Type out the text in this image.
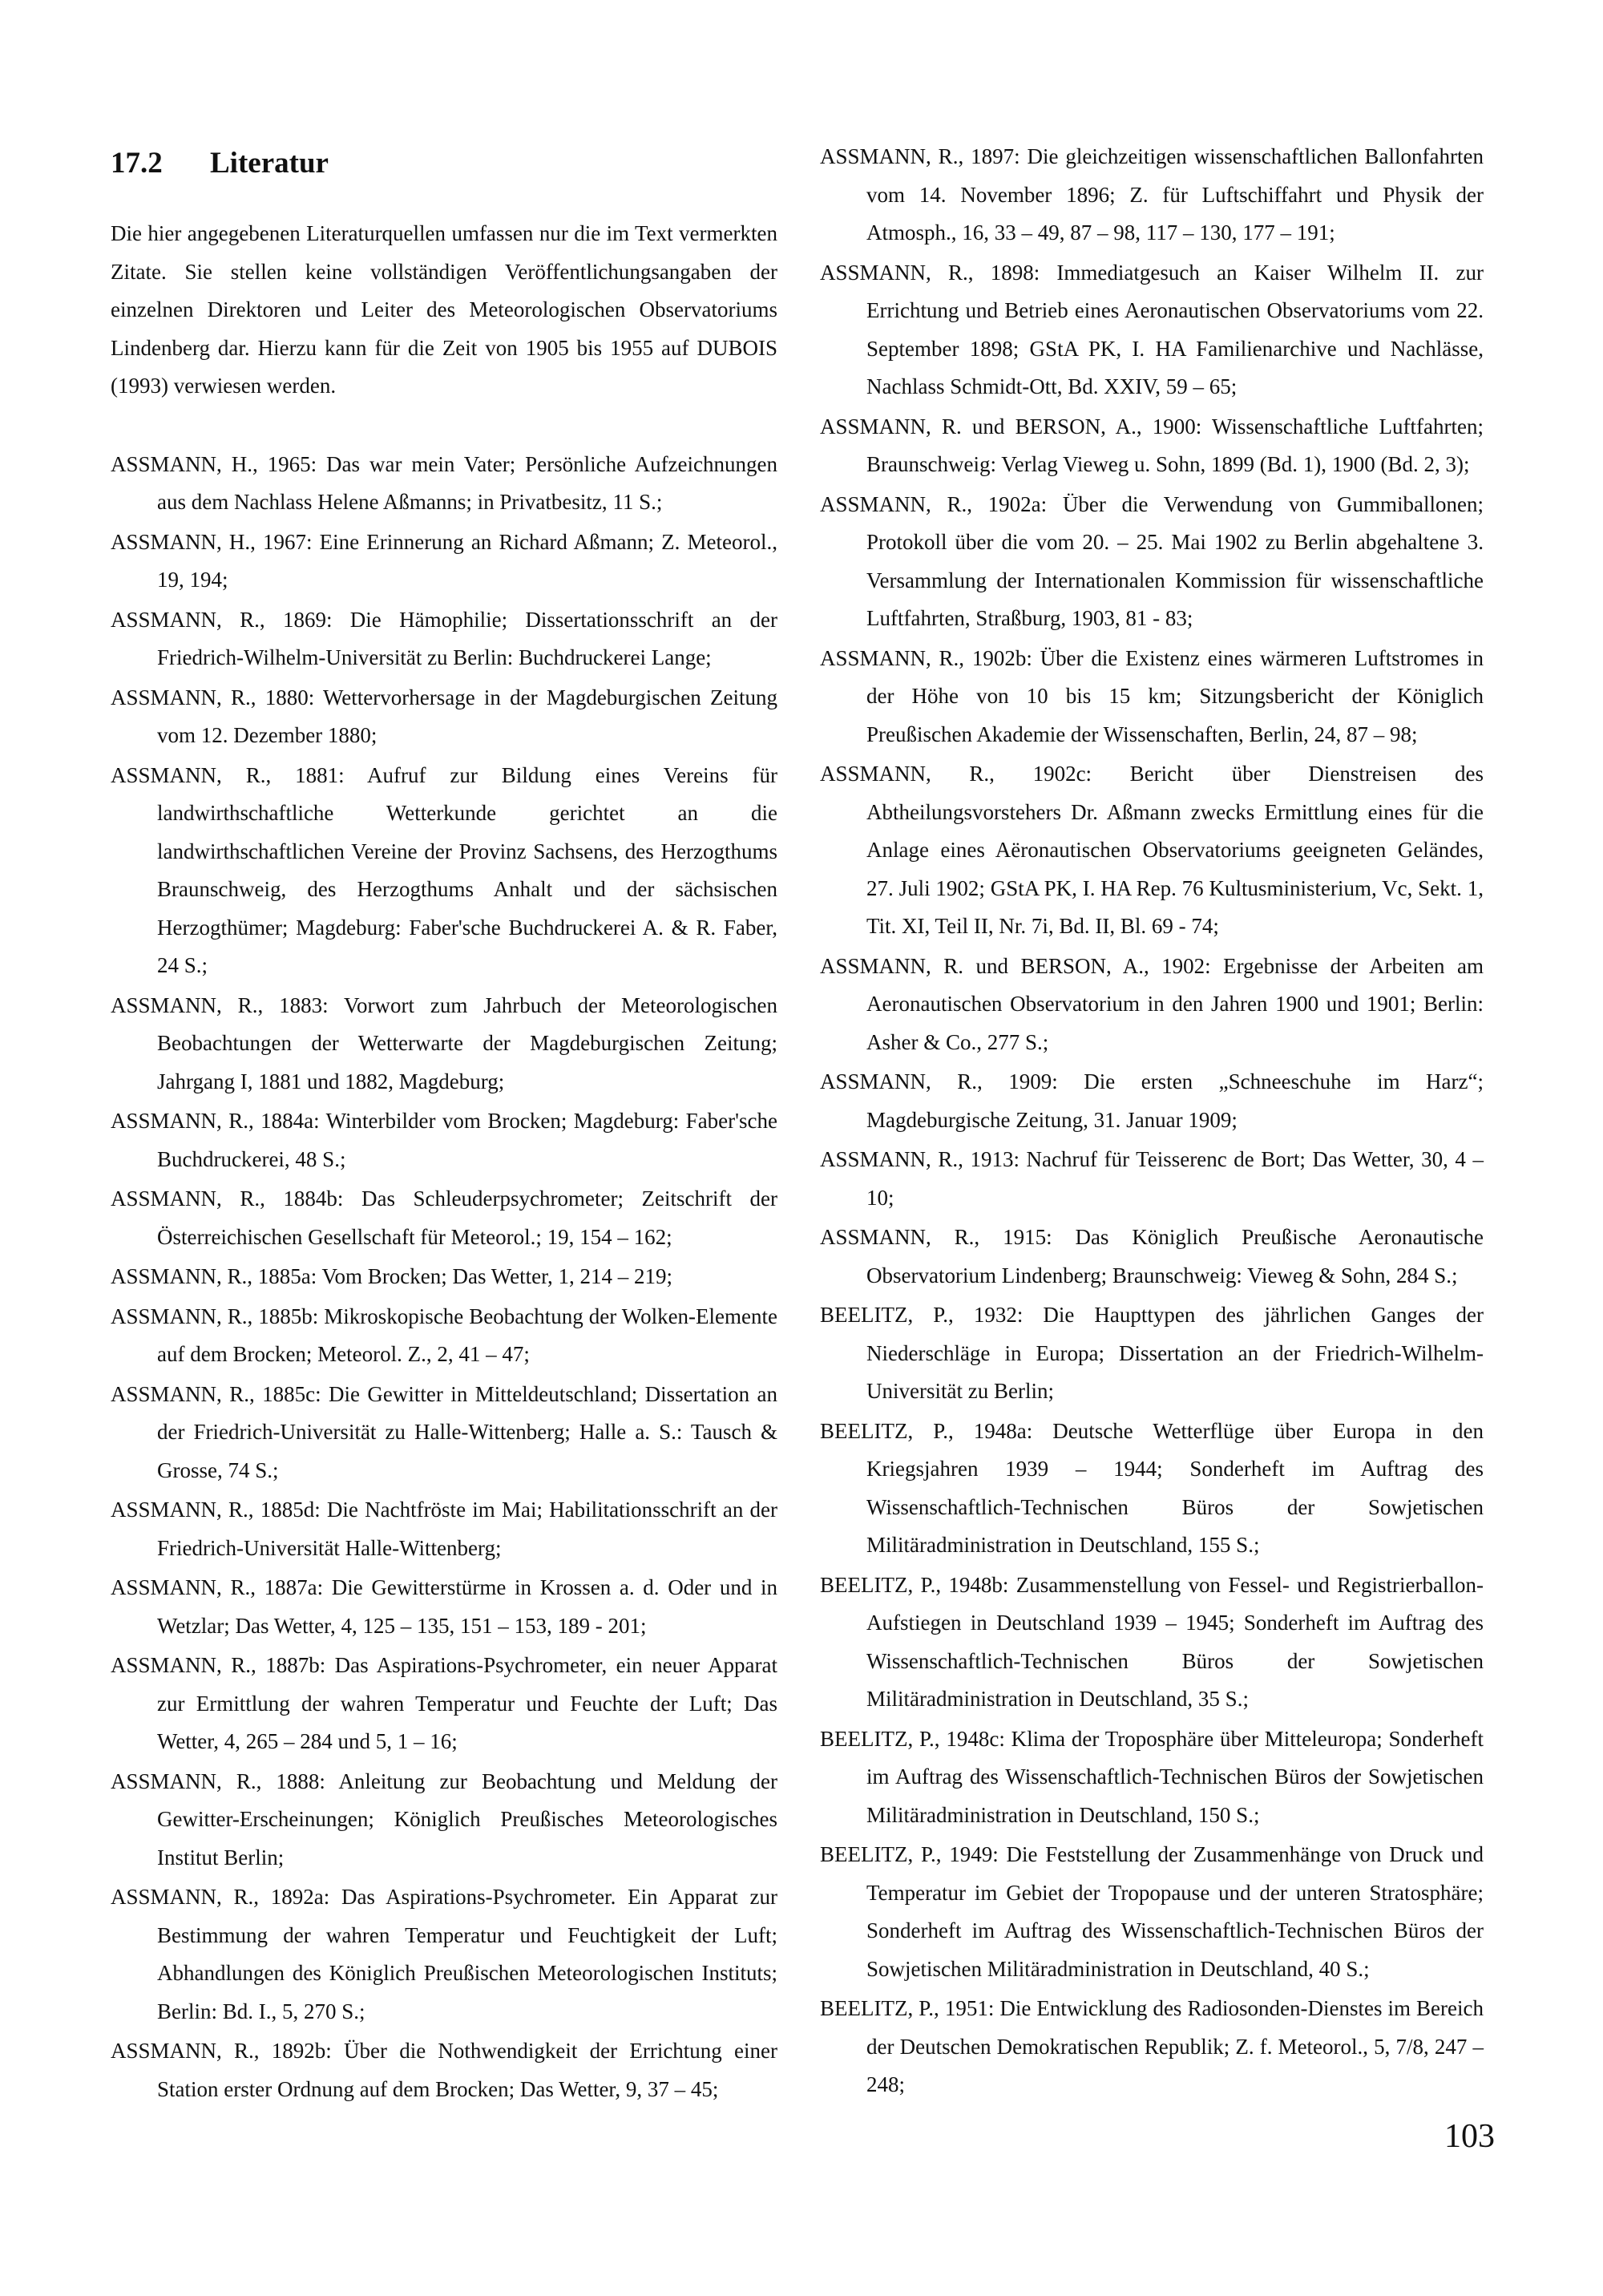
17.2	Literatur

Die hier angegebenen Literaturquellen umfassen nur die im Text vermerkten Zitate. Sie stellen keine vollständigen Veröffentlichungsangaben der einzelnen Direktoren und Leiter des Meteorologischen Observatoriums Lindenberg dar. Hierzu kann für die Zeit von 1905 bis 1955 auf DUBOIS (1993) verwiesen werden.

ASSMANN, H., 1965: Das war mein Vater; Persönliche Aufzeichnungen aus dem Nachlass Helene Aßmanns; in Privatbesitz, 11 S.;

ASSMANN, H., 1967: Eine Erinnerung an Richard Aßmann; Z. Meteorol., 19, 194;

ASSMANN, R., 1869: Die Hämophilie; Dissertationsschrift an der Friedrich-Wilhelm-Universität zu Berlin: Buchdruckerei Lange;

ASSMANN, R., 1880: Wettervorhersage in der Magdeburgischen Zeitung vom 12. Dezember 1880;

ASSMANN, R., 1881: Aufruf zur Bildung eines Vereins für landwirthschaftliche Wetterkunde gerichtet an die landwirthschaftlichen Vereine der Provinz Sachsens, des Herzogthums Braunschweig, des Herzogthums Anhalt und der sächsischen Herzogthümer; Magdeburg: Faber'sche Buchdruckerei A. & R. Faber, 24 S.;

ASSMANN, R., 1883: Vorwort zum Jahrbuch der Meteorologischen Beobachtungen der Wetterwarte der Magdeburgischen Zeitung; Jahrgang I, 1881 und 1882, Magdeburg;

ASSMANN, R., 1884a: Winterbilder vom Brocken; Magdeburg: Faber'sche Buchdruckerei, 48 S.;

ASSMANN, R., 1884b: Das Schleuderpsychrometer; Zeitschrift der Österreichischen Gesellschaft für Meteorol.; 19, 154 – 162;

ASSMANN, R., 1885a: Vom Brocken; Das Wetter, 1, 214 – 219;

ASSMANN, R., 1885b: Mikroskopische Beobachtung der Wolken-Elemente auf dem Brocken; Meteorol. Z., 2, 41 – 47;

ASSMANN, R., 1885c: Die Gewitter in Mitteldeutschland; Dissertation an der Friedrich-Universität zu Halle-Wittenberg; Halle a. S.: Tausch & Grosse, 74 S.;

ASSMANN, R., 1885d: Die Nachtfröste im Mai; Habilitationsschrift an der Friedrich-Universität Halle-Wittenberg;

ASSMANN, R., 1887a: Die Gewitterstürme in Krossen a. d. Oder und in Wetzlar; Das Wetter, 4, 125 – 135, 151 – 153, 189 - 201;

ASSMANN, R., 1887b: Das Aspirations-Psychrometer, ein neuer Apparat zur Ermittlung der wahren Temperatur und Feuchte der Luft; Das Wetter, 4, 265 – 284 und 5, 1 – 16;

ASSMANN, R., 1888: Anleitung zur Beobachtung und Meldung der Gewitter-Erscheinungen; Königlich Preußisches Meteorologisches Institut Berlin;

ASSMANN, R., 1892a: Das Aspirations-Psychrometer. Ein Apparat zur Bestimmung der wahren Temperatur und Feuchtigkeit der Luft; Abhandlungen des Königlich Preußischen Meteorologischen Instituts; Berlin: Bd. I., 5, 270 S.;

ASSMANN, R., 1892b: Über die Nothwendigkeit der Errichtung einer Station erster Ordnung auf dem Brocken; Das Wetter, 9, 37 – 45;

ASSMANN, R., 1897: Die gleichzeitigen wissenschaftlichen Ballonfahrten vom 14. November 1896; Z. für Luftschiffahrt und Physik der Atmosph., 16, 33 – 49, 87 – 98, 117 – 130, 177 – 191;

ASSMANN, R., 1898: Immediatgesuch an Kaiser Wilhelm II. zur Errichtung und Betrieb eines Aeronautischen Observatoriums vom 22. September 1898; GStA PK, I. HA Familienarchive und Nachlässe, Nachlass Schmidt-Ott, Bd. XXIV, 59 – 65;

ASSMANN, R. und BERSON, A., 1900: Wissenschaftliche Luftfahrten; Braunschweig: Verlag Vieweg u. Sohn, 1899 (Bd. 1), 1900 (Bd. 2, 3);

ASSMANN, R., 1902a: Über die Verwendung von Gummiballonen; Protokoll über die vom 20. – 25. Mai 1902 zu Berlin abgehaltene 3. Versammlung der Internationalen Kommission für wissenschaftliche Luftfahrten, Straßburg, 1903, 81 - 83;

ASSMANN, R., 1902b: Über die Existenz eines wärmeren Luftstromes in der Höhe von 10 bis 15 km; Sitzungsbericht der Königlich Preußischen Akademie der Wissenschaften, Berlin, 24, 87 – 98;

ASSMANN, R., 1902c: Bericht über Dienstreisen des Abtheilungsvorstehers Dr. Aßmann zwecks Ermittlung eines für die Anlage eines Aëronautischen Observatoriums geeigneten Geländes, 27. Juli 1902; GStA PK, I. HA Rep. 76 Kultusministerium, Vc, Sekt. 1, Tit. XI, Teil II, Nr. 7i, Bd. II, Bl. 69 - 74;

ASSMANN, R. und BERSON, A., 1902: Ergebnisse der Arbeiten am Aeronautischen Observatorium in den Jahren 1900 und 1901; Berlin: Asher & Co., 277 S.;

ASSMANN, R., 1909: Die ersten „Schneeschuhe im Harz“; Magdeburgische Zeitung, 31. Januar 1909;

ASSMANN, R., 1913: Nachruf für Teisserenc de Bort; Das Wetter, 30, 4 – 10;

ASSMANN, R., 1915: Das Königlich Preußische Aeronautische Observatorium Lindenberg; Braunschweig: Vieweg & Sohn, 284 S.;

BEELITZ, P., 1932: Die Haupttypen des jährlichen Ganges der Niederschläge in Europa; Dissertation an der Friedrich-Wilhelm-Universität zu Berlin;

BEELITZ, P., 1948a: Deutsche Wetterflüge über Europa in den Kriegsjahren 1939 – 1944; Sonderheft im Auftrag des Wissenschaftlich-Technischen Büros der Sowjetischen Militäradministration in Deutschland, 155 S.;

BEELITZ, P., 1948b: Zusammenstellung von Fessel- und Registrierballon-Aufstiegen in Deutschland 1939 – 1945; Sonderheft im Auftrag des Wissenschaftlich-Technischen Büros der Sowjetischen Militäradministration in Deutschland, 35 S.;

BEELITZ, P., 1948c: Klima der Troposphäre über Mitteleuropa; Sonderheft im Auftrag des Wissenschaftlich-Technischen Büros der Sowjetischen Militäradministration in Deutschland, 150 S.;

BEELITZ, P., 1949: Die Feststellung der Zusammenhänge von Druck und Temperatur im Gebiet der Tropopause und der unteren Stratosphäre; Sonderheft im Auftrag des Wissenschaftlich-Technischen Büros der Sowjetischen Militäradministration in Deutschland, 40 S.;

BEELITZ, P., 1951: Die Entwicklung des Radiosonden-Dienstes im Bereich der Deutschen Demokratischen Republik; Z. f. Meteorol., 5, 7/8, 247 – 248;

103
